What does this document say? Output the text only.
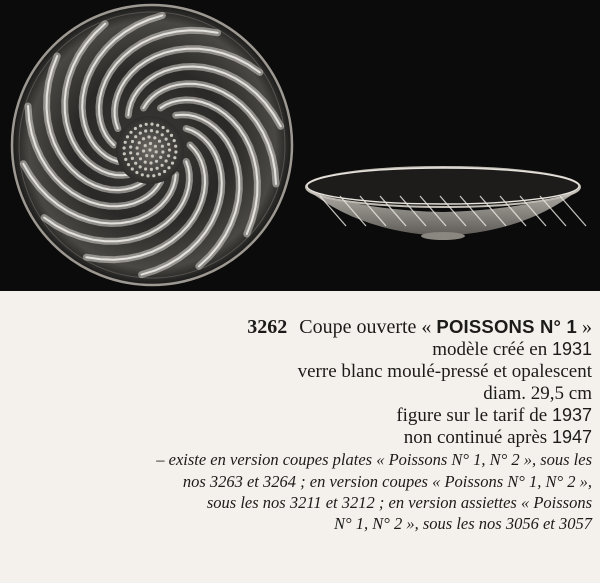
3262 Coupe ouverte « POISSONS N° 1 »
modèle créé en 1931
verre blanc moulé-pressé et opalescent
diam. 29,5 cm
figure sur le tarif de 1937
non continué après 1947
– existe en version coupes plates « Poissons N° 1, N° 2 », sous les
nos 3263 et 3264 ; en version coupes « Poissons N° 1, N° 2 »,
sous les nos 3211 et 3212 ; en version assiettes « Poissons
N° 1, N° 2 », sous les nos 3056 et 3057
